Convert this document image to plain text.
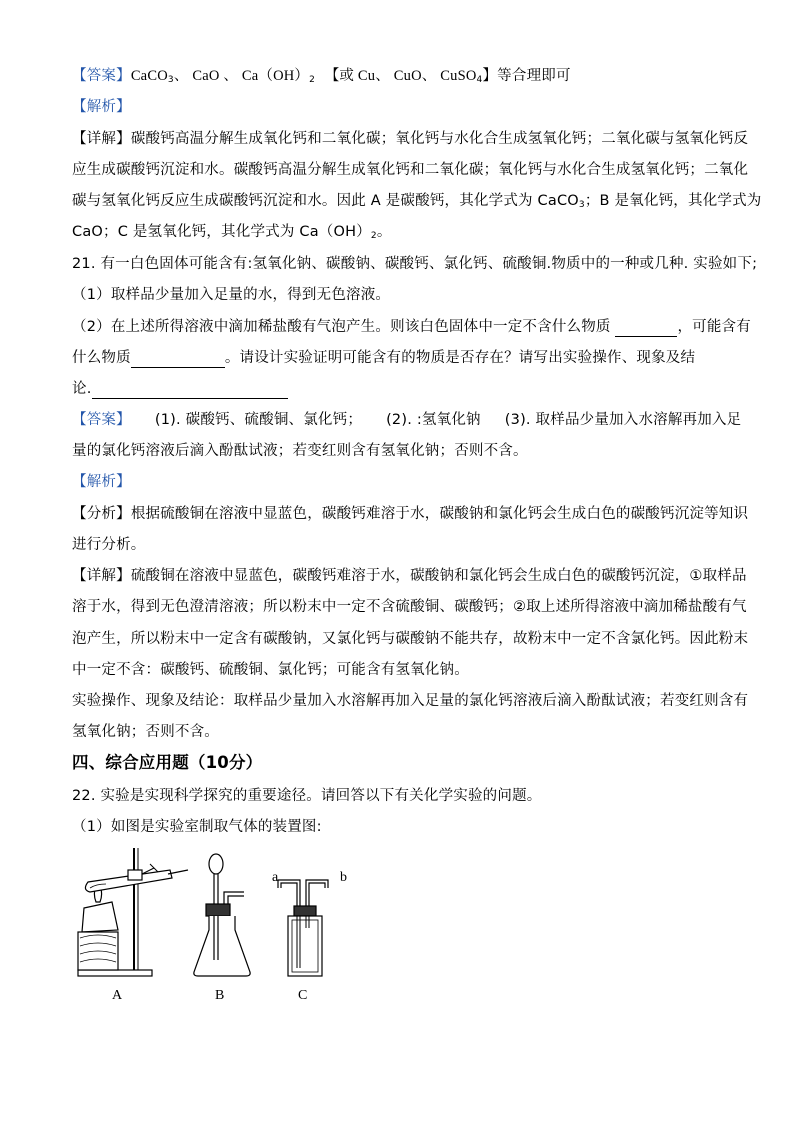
【答案】CaCO$_3$、 CaO 、 $Ca(OH)_2$ 【或 Cu、 CuO、 CuSO$_4$】等合理即可
【解析】
【详解】碳酸钙高温分解生成氧化钙和二氧化碳；氧化钙与水化合生成氢氧化钙；二氧化碳与氢氧化钙反
应生成碳酸钙沉淀和水。碳酸钙高温分解生成氧化钙和二氧化碳；氧化钙与水化合生成氢氧化钙；二氧化
碳与氢氧化钙反应生成碳酸钙沉淀和水。因此 A 是碳酸钙，其化学式为 CaCO$_3$；B 是氧化钙，其化学式为
CaO；C 是氢氧化钙，其化学式为 $Ca(OH)_2$。
21. 有一白色固体可能含有:氢氧化钠、碳酸钠、碳酸钙、氯化钙、硫酸铜.物质中的一种或几种. 实验如下;
（1）取样品少量加入足量的水，得到无色溶液。
（2）在上述所得溶液中滴加稀盐酸有气泡产生。则该白色固体中一定不含什么物质	，可能含有
什么物质	。请设计实验证明可能含有的物质是否存在？请写出实验操作、现象及结
论.
【答案】 (1). 碳酸钙、硫酸铜、氯化钙； (2). :氢氧化钠 (3). 取样品少量加入水溶解再加入足
量的氯化钙溶液后滴入酚酞试液；若变红则含有氢氧化钠；否则不含。
【解析】
【分析】根据硫酸铜在溶液中显蓝色，碳酸钙难溶于水，碳酸钠和氯化钙会生成白色的碳酸钙沉淀等知识
进行分析。
【详解】硫酸铜在溶液中显蓝色，碳酸钙难溶于水，碳酸钠和氯化钙会生成白色的碳酸钙沉淀，①取样品
溶于水，得到无色澄清溶液；所以粉末中一定不含硫酸铜、碳酸钙；②取上述所得溶液中滴加稀盐酸有气
泡产生，所以粉末中一定含有碳酸钠，又氯化钙与碳酸钠不能共存，故粉末中一定不含氯化钙。因此粉末
中一定不含：碳酸钙、硫酸铜、氯化钙；可能含有氢氧化钠。
实验操作、现象及结论：取样品少量加入水溶解再加入足量的氯化钙溶液后滴入酚酞试液；若变红则含有
氢氧化钠；否则不含。
四、综合应用题（10分）
22. 实验是实现科学探究的重要途径。请回答以下有关化学实验的问题。
（1）如图是实验室制取气体的装置图:
A	B	C
a	b
